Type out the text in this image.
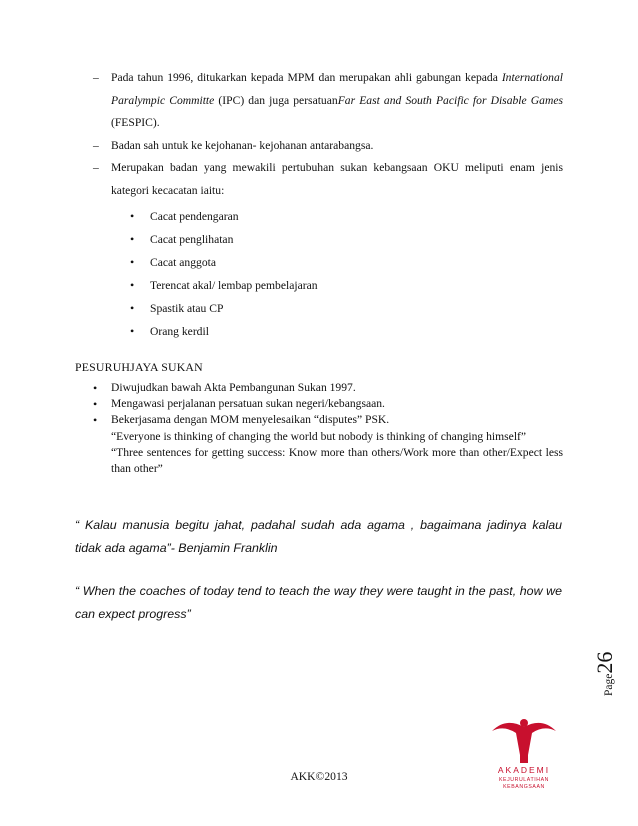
– Pada tahun 1996, ditukarkan kepada MPM dan merupakan ahli gabungan kepada International Paralympic Committe (IPC) dan juga persatuanFar East and South Pacific for Disable Games (FESPIC).
– Badan sah untuk ke kejohanan- kejohanan antarabangsa.
– Merupakan badan yang mewakili pertubuhan sukan kebangsaan OKU meliputi enam jenis kategori kecacatan iaitu:
• Cacat pendengaran
• Cacat penglihatan
• Cacat anggota
• Terencat akal/ lembap pembelajaran
• Spastik atau CP
• Orang kerdil
PESURUHJAYA SUKAN
• Diwujudkan bawah Akta Pembangunan Sukan 1997.
• Mengawasi perjalanan persatuan sukan negeri/kebangsaan.
• Bekerjasama dengan MOM menyelesaikan “disputes” PSK.
“Everyone is thinking of changing the world but nobody is thinking of changing himself”
“Three sentences for getting success: Know more than others/Work more than other/Expect less than other”
“ Kalau manusia begitu jahat, padahal sudah ada agama , bagaimana jadinya kalau tidak ada agama”- Benjamin Franklin
“ When the coaches of today tend to teach the way they were taught in the past, how we can expect progress”
Page26
AKADEMI
KEJURULATIHAN
KEBANGSAAN
AKK©2013
